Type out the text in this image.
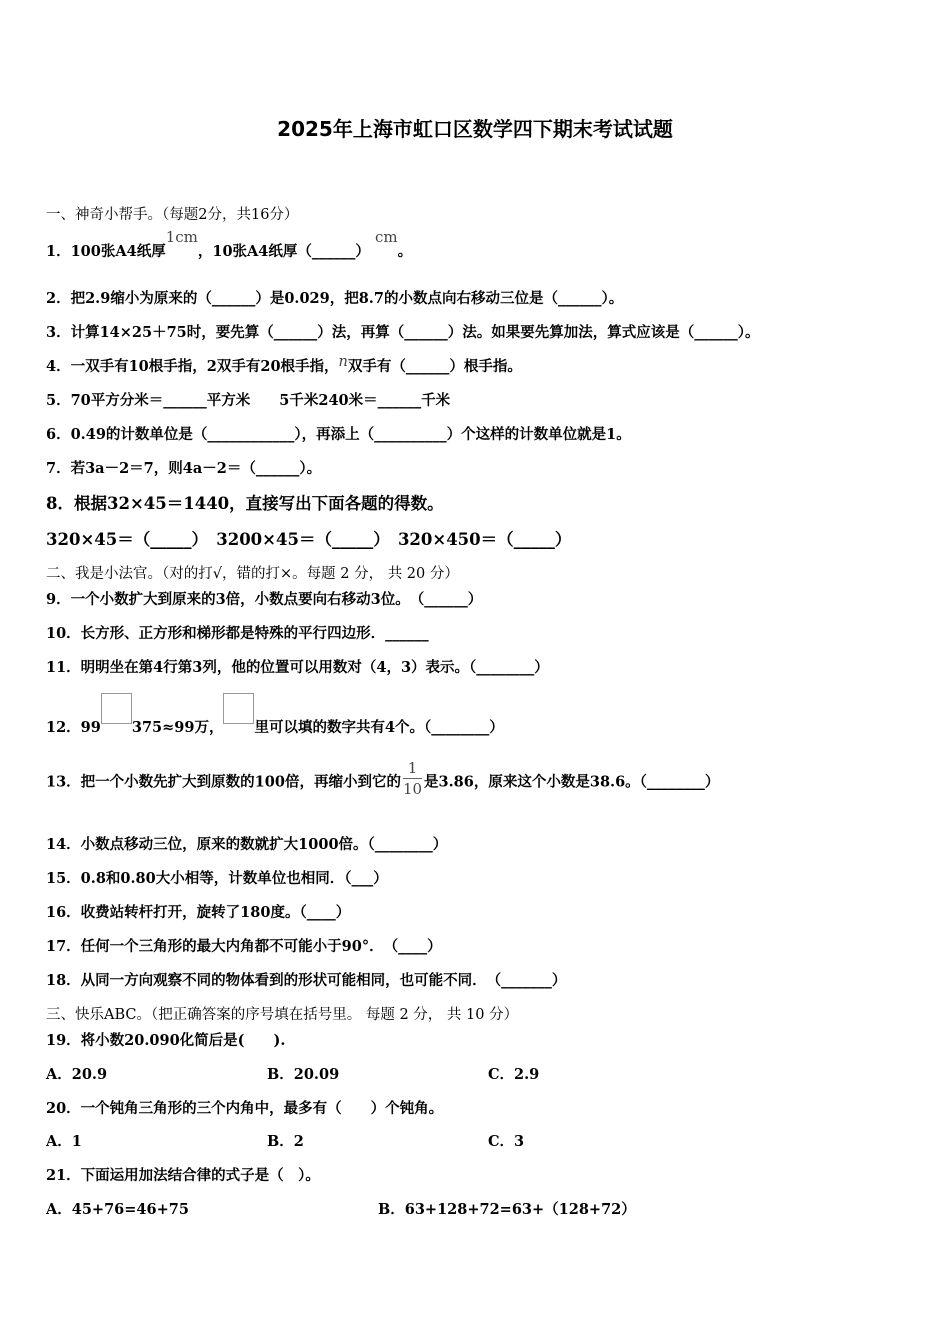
2025年上海市虹口区数学四下期末考试试题
一、神奇小帮手。（每题2分，共16分）
1．100张A4纸厚1cm，10张A4纸厚（______） cm。
2．把2.9缩小为原来的（______）是0.029，把8.7的小数点向右移动三位是（______）。
3．计算14×25＋75时，要先算（______）法，再算（______）法。如果要先算加法，算式应该是（______）。
4．一双手有10根手指，2双手有20根手指，n双手有（______）根手指。
5．70平方分米＝______平方米　　5千米240米＝______千米
6．0.49的计数单位是（____________），再添上（__________）个这样的计数单位就是1。
7．若3a－2＝7，则4a－2＝（______）。
8．根据32×45＝1440，直接写出下面各题的得数。
320×45＝（_____）　3200×45＝（_____）　320×450＝（_____）
二、我是小法官。（对的打√，错的打×。每题 2 分， 共 20 分）
9．一个小数扩大到原来的3倍，小数点要向右移动3位。　（______）
10．长方形、正方形和梯形都是特殊的平行四边形．______
11．明明坐在第4行第3列，他的位置可以用数对（4，3）表示。（________）
12．99 375≈99万， 里可以填的数字共有4个。（________）
13．把一个小数先扩大到原数的100倍，再缩小到它的 $\frac{1}{10}$ 是3.86，原来这个小数是38.6。（________）
14．小数点移动三位，原来的数就扩大1000倍。（________）
15．0.8和0.80大小相等，计数单位也相同．（___）
16．收费站转杆打开，旋转了180度。（____）
17．任何一个三角形的最大内角都不可能小于90°．　（____）
18．从同一方向观察不同的物体看到的形状可能相同，也可能不同．　（_______）
三、快乐ABC。（把正确答案的序号填在括号里。 每题 2 分， 共 10 分）
19．将小数20.090化简后是(　　).
A．20.9	B．20.09	C．2.9
20．一个钝角三角形的三个内角中，最多有（　　）个钝角。
A．1	B．2	C．3
21．下面运用加法结合律的式子是（　）。
A．45+76=46+75	B．63+128+72=63+（128+72）
